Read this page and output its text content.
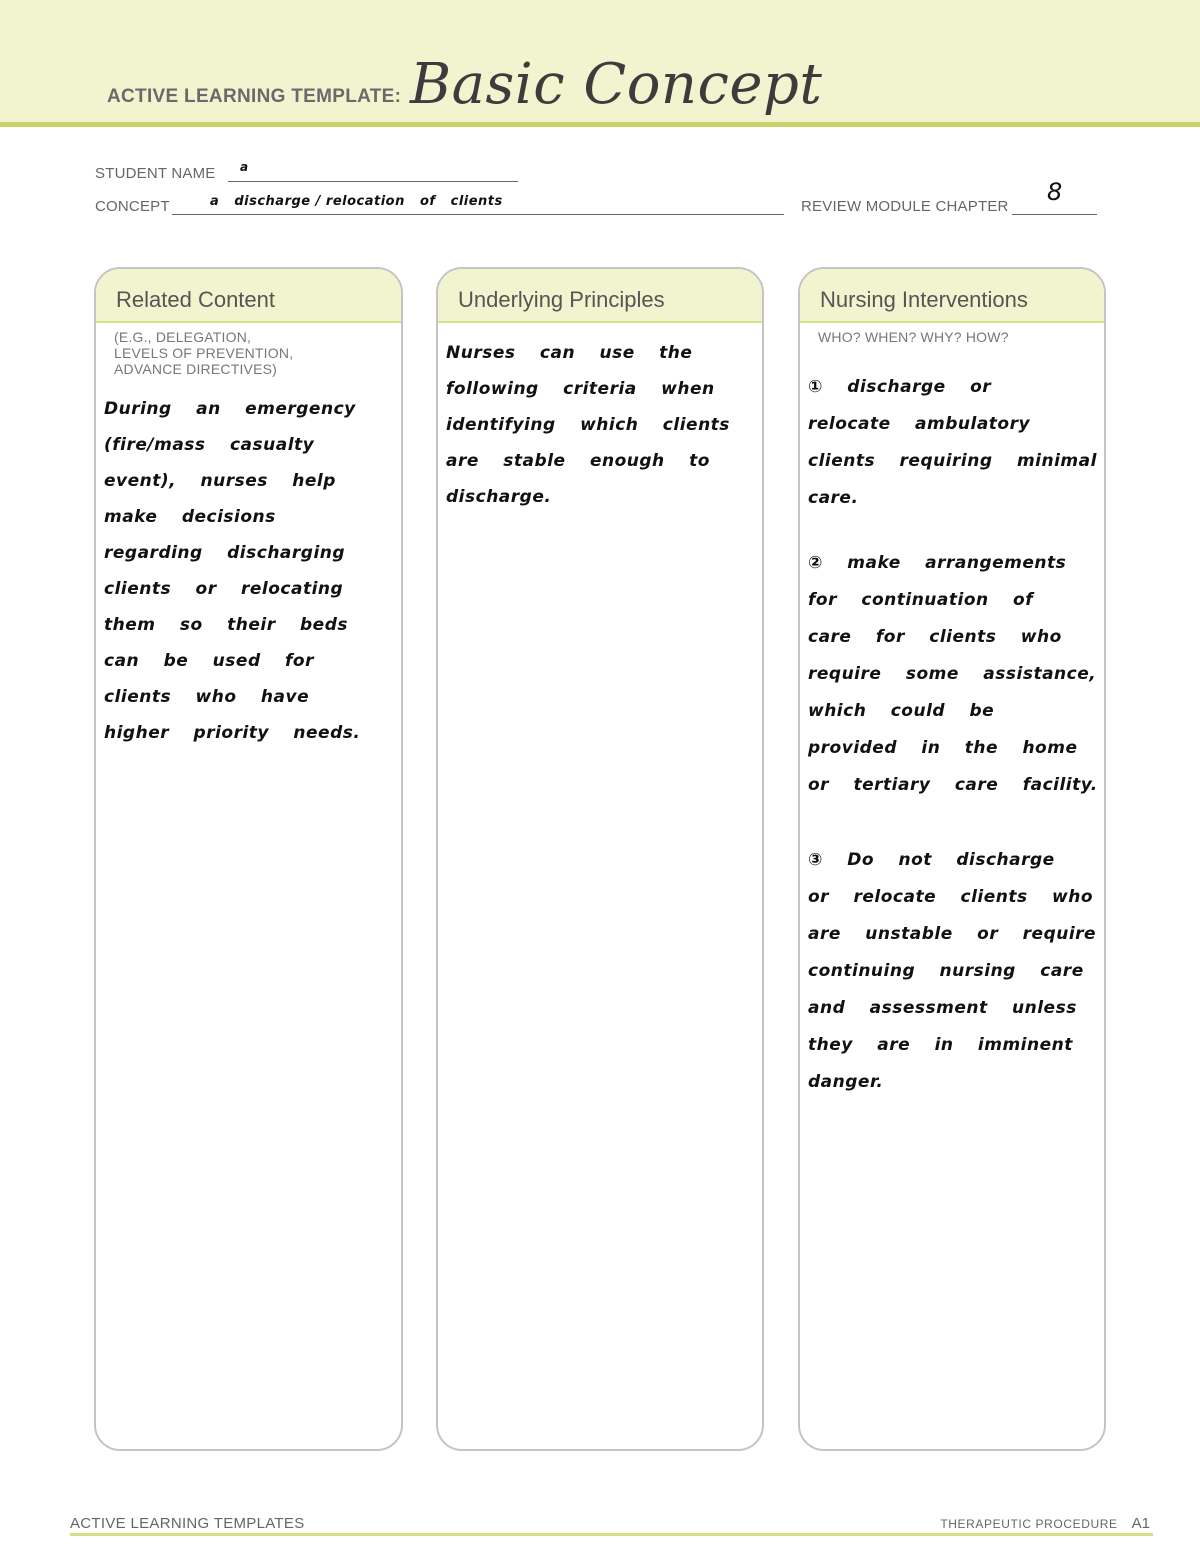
ACTIVE LEARNING TEMPLATE: Basic Concept
STUDENT NAME a
CONCEPT	a   discharge / relocation   of   clients	REVIEW MODULE CHAPTER
8
Related Content
(E.G., DELEGATION,
LEVELS OF PREVENTION,
ADVANCE DIRECTIVES)

During an emergency (fire/mass casualty event), nurses help make decisions regarding discharging clients or relocating them so their beds can be used for clients who have higher priority needs.

Underlying Principles

Nurses can use the following criteria when identifying which clients are stable enough to discharge.

Nursing Interventions
WHO? WHEN? WHY? HOW?

① discharge or relocate ambulatory clients requiring minimal care.

② make arrangements for continuation of care for clients who require some assistance, which could be provided in the home or tertiary care facility.

③ Do not discharge or relocate clients who are unstable or require continuing nursing care and assessment unless they are in imminent danger.

ACTIVE LEARNING TEMPLATES	THERAPEUTIC PROCEDURE A1
